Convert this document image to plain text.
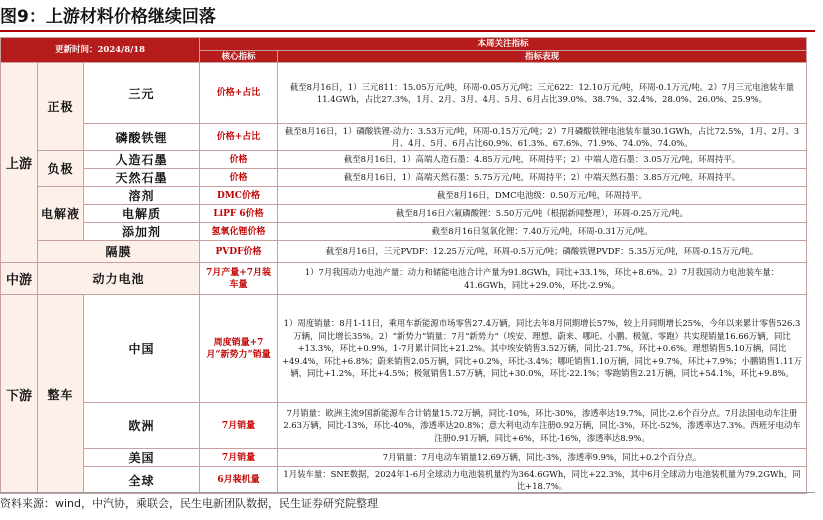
图9：上游材料价格继续回落
更新时间：2024/8/18			本周关注指标	
			核心指标	指标表现
上游	正极	三元	价格+占比	截至8月16日，1）三元811：15.05万元/吨，环周-0.05万元/吨；三元622：12.10万元/吨，环周-0.1万元/吨。2）7月三元电池装车量11.4GWh，占比27.3%，1月、2月、3月、4月、5月、6月占比39.0%、38.7%、32.4%、28.0%、26.0%、25.9%。
		磷酸铁锂	价格+占比	截至8月16日，1）磷酸铁锂-动力：3.53万元/吨，环周-0.15万元/吨；2）7月磷酸铁锂电池装车量30.1GWh，占比72.5%，1月、2月、3月、4月、5月、6月占比60.9%、61.3%、67.6%、71.9%、74.0%、74.0%。
	负极	人造石墨	价格	截至8月16日，1）高端人造石墨：4.85万元/吨，环周持平；2）中端人造石墨：3.05万元/吨，环周持平。
		天然石墨	价格	截至8月16日，1）高端天然石墨：5.75万元/吨，环周持平；2）中端天然石墨：3.85万元/吨，环周持平。
	电解液	溶剂	DMC价格	截至8月16日，DMC电池级：0.50万元/吨，环周持平。
		电解质	LiPF 6价格	截至8月16日六氟磷酸锂：5.50万元/吨（根据新闻整理），环周-0.25万元/吨。
		添加剂	氢氧化锂价格	截至8月16日氢氧化锂：7.40万元/吨，环周-0.31万元/吨。
	隔膜		PVDF价格	截至8月16日，三元PVDF：12.25万元/吨，环周-0.5万元/吨；磷酸铁锂PVDF：5.35万元/吨，环周-0.15万元/吨。
中游	动力电池		7月产量+7月装车量	1）7月我国动力电池产量：动力和储能电池合计产量为91.8GWh，同比+33.1%，环比+8.6%。2）7月我国动力电池装车量：41.6GWh，同比+29.0%，环比-2.9%。
下游	整车	中国	周度销量+7月“新势力”销量	1）周度销量：8月1-11日，乘用车新能源市场零售27.4万辆，同比去年8月同期增长57%，较上月同期增长25%，今年以来累计零售526.3万辆，同比增长35%。2）“新势力”销量：7月“新势力”（埃安、理想、蔚来、哪吒、小鹏、极氪、零跑）共实现销量16.66万辆，同比+13.3%，环比+0.9%，1-7月累计同比+21.2%。其中埃安销售3.52万辆，同比-21.7%，环比+0.6%。理想销售5.10万辆，同比+49.4%，环比+6.8%；蔚来销售2.05万辆，同比+0.2%，环比-3.4%；哪吒销售1.10万辆，同比+9.7%，环比+7.9%；小鹏销售1.11万辆，同比+1.2%，环比+4.5%；极氪销售1.57万辆，同比+30.0%，环比-22.1%；零跑销售2.21万辆，同比+54.1%，环比+9.8%。
		欧洲	7月销量	7月销量：欧洲主流9国新能源车合计销量15.72万辆，同比-10%，环比-30%，渗透率达19.7%，同比-2.6个百分点。7月法国电动车注册2.63万辆，同比-13%，环比-40%，渗透率达20.8%；意大利电动车注册0.92万辆，同比-3%，环比-52%，渗透率达7.3%。西班牙电动车注册0.91万辆，同比+6%，环比-16%，渗透率达8.9%。
		美国	7月销量	7月销量：7月电动车销量12.69万辆，同比-3%，渗透率9.9%，同比+0.2个百分点。
		全球	6月装机量	1月装车量：SNE数据，2024年1-6月全球动力电池装机量约为364.6GWh，同比+22.3%，其中6月全球动力电池装机量为79.2GWh，同比+18.7%。
资料来源：wind，中汽协，乘联会，民生电新团队数据，民生证券研究院整理
